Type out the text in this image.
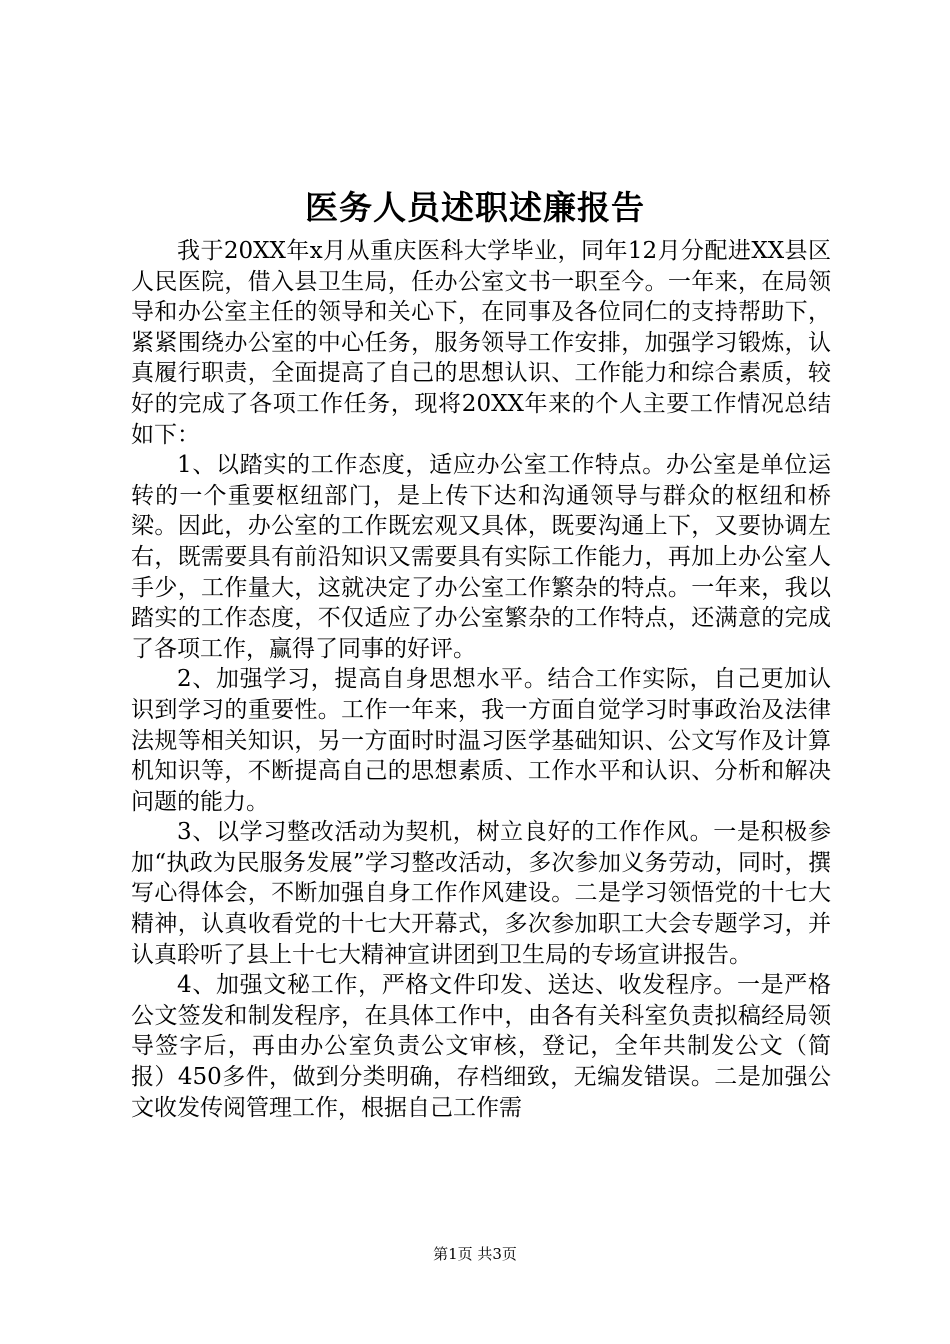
医务人员述职述廉报告

我于20XX年x月从重庆医科大学毕业，同年12月分配进XX县区人民医院，借入县卫生局，任办公室文书一职至今。一年来，在局领导和办公室主任的领导和关心下，在同事及各位同仁的支持帮助下，紧紧围绕办公室的中心任务，服务领导工作安排，加强学习锻炼，认真履行职责，全面提高了自己的思想认识、工作能力和综合素质，较好的完成了各项工作任务，现将20XX年来的个人主要工作情况总结如下：

1、以踏实的工作态度，适应办公室工作特点。办公室是单位运转的一个重要枢纽部门，是上传下达和沟通领导与群众的枢纽和桥梁。因此，办公室的工作既宏观又具体，既要沟通上下，又要协调左右，既需要具有前沿知识又需要具有实际工作能力，再加上办公室人手少，工作量大，这就决定了办公室工作繁杂的特点。一年来，我以踏实的工作态度，不仅适应了办公室繁杂的工作特点，还满意的完成了各项工作，赢得了同事的好评。

2、加强学习，提高自身思想水平。结合工作实际，自己更加认识到学习的重要性。工作一年来，我一方面自觉学习时事政治及法律法规等相关知识，另一方面时时温习医学基础知识、公文写作及计算机知识等，不断提高自己的思想素质、工作水平和认识、分析和解决问题的能力。

3、以学习整改活动为契机，树立良好的工作作风。一是积极参加“执政为民服务发展”学习整改活动，多次参加义务劳动，同时，撰写心得体会，不断加强自身工作作风建设。二是学习领悟党的十七大精神，认真收看党的十七大开幕式，多次参加职工大会专题学习，并认真聆听了县上十七大精神宣讲团到卫生局的专场宣讲报告。

4、加强文秘工作，严格文件印发、送达、收发程序。一是严格公文签发和制发程序，在具体工作中，由各有关科室负责拟稿经局领导签字后，再由办公室负责公文审核，登记，全年共制发公文（简报）450多件，做到分类明确，存档细致，无编发错误。二是加强公文收发传阅管理工作，根据自己工作需

第1页 共3页
